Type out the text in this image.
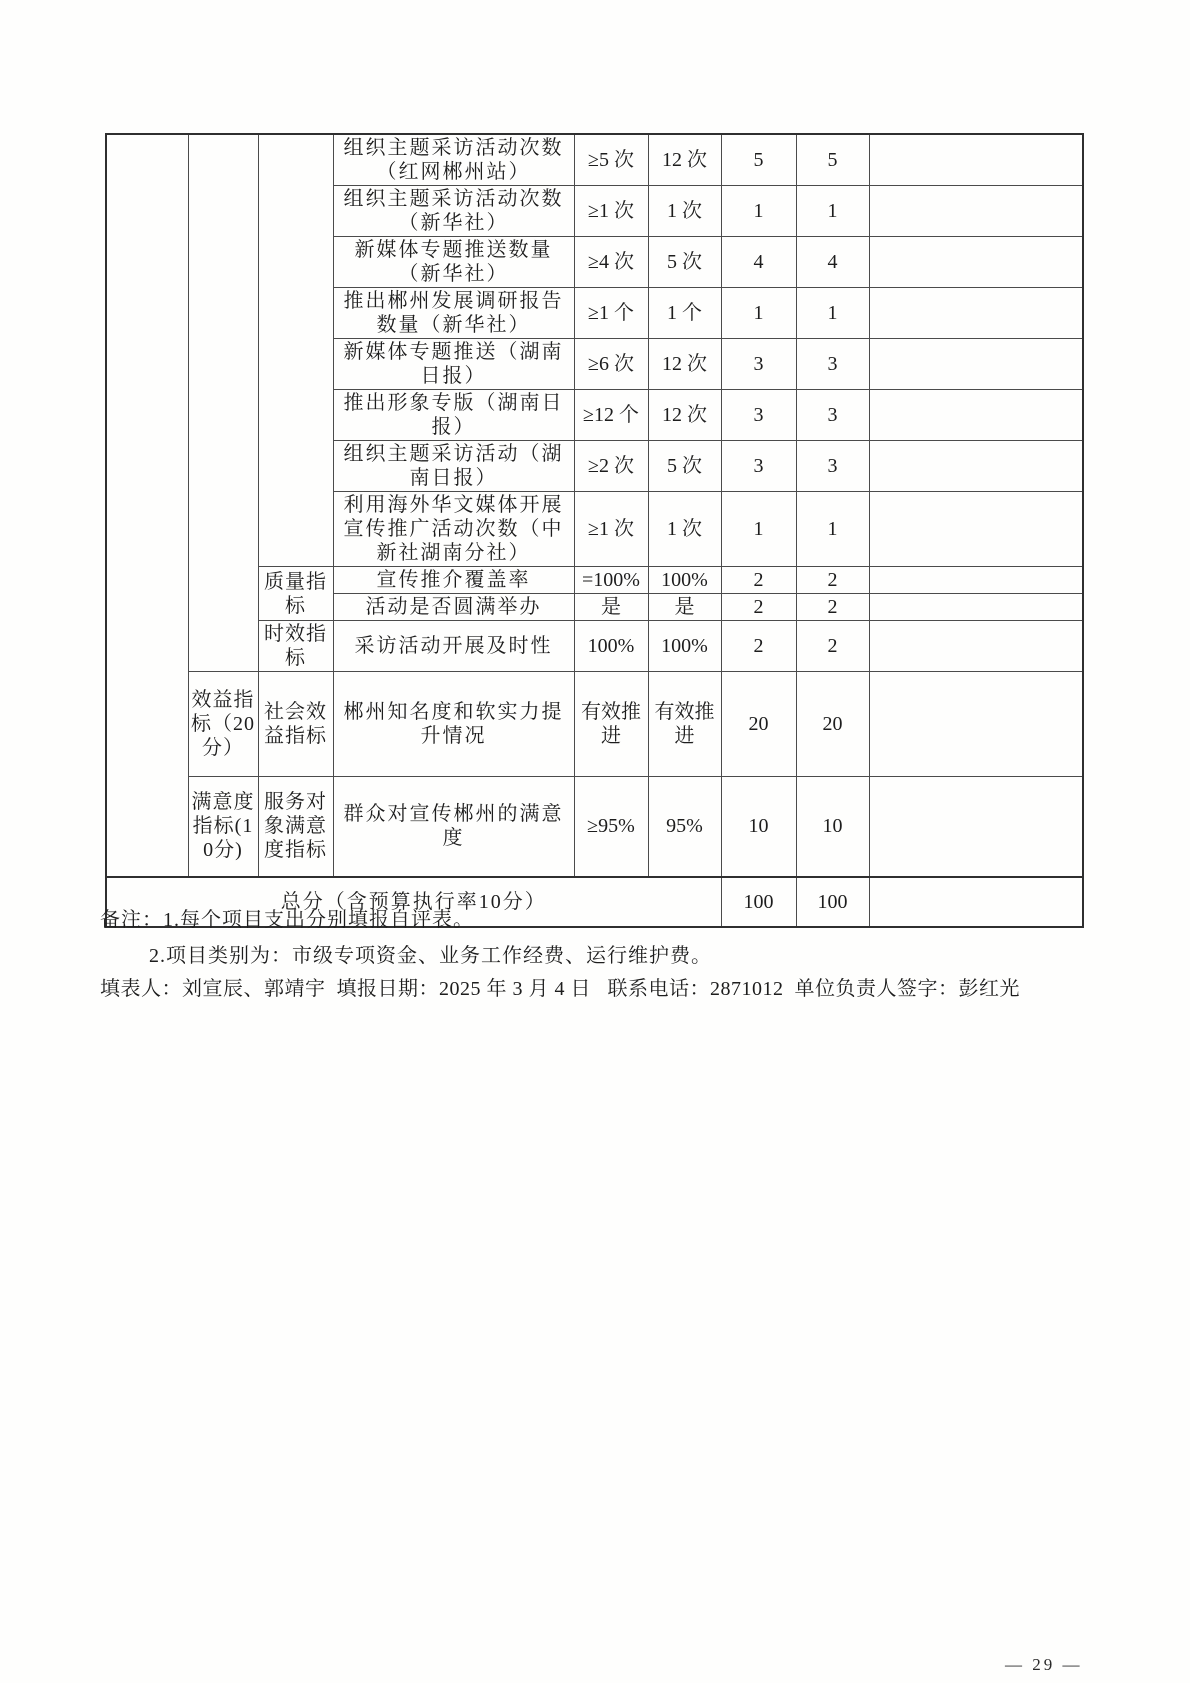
			组织主题采访活动次数（红网郴州站）	≥5 次	12 次	5	5	
			组织主题采访活动次数（新华社）	≥1 次	1 次	1	1	
			新媒体专题推送数量（新华社）	≥4 次	5 次	4	4	
			推出郴州发展调研报告数量（新华社）	≥1 个	1 个	1	1	
			新媒体专题推送（湖南日报）	≥6 次	12 次	3	3	
			推出形象专版（湖南日报）	≥12 个	12 次	3	3	
			组织主题采访活动（湖南日报）	≥2 次	5 次	3	3	
			利用海外华文媒体开展宣传推广活动次数（中新社湖南分社）	≥1 次	1 次	1	1	
		质量指标	宣传推介覆盖率	=100%	100%	2	2	
			活动是否圆满举办	是	是	2	2	
		时效指标	采访活动开展及时性	100%	100%	2	2	
	效益指标（20分）	社会效益指标	郴州知名度和软实力提升情况	有效推进	有效推进	20	20	
	满意度指标(10分)	服务对象满意度指标	群众对宣传郴州的满意度	≥95%	95%	10	10	
总分（含预算执行率10分）						100	100	
备注：1.每个项目支出分别填报自评表。
2.项目类别为：市级专项资金、业务工作经费、运行维护费。
填表人：刘宣辰、郭靖宇  填报日期：2025 年 3 月 4 日   联系电话：2871012  单位负责人签字：彭红光
— 29 —
